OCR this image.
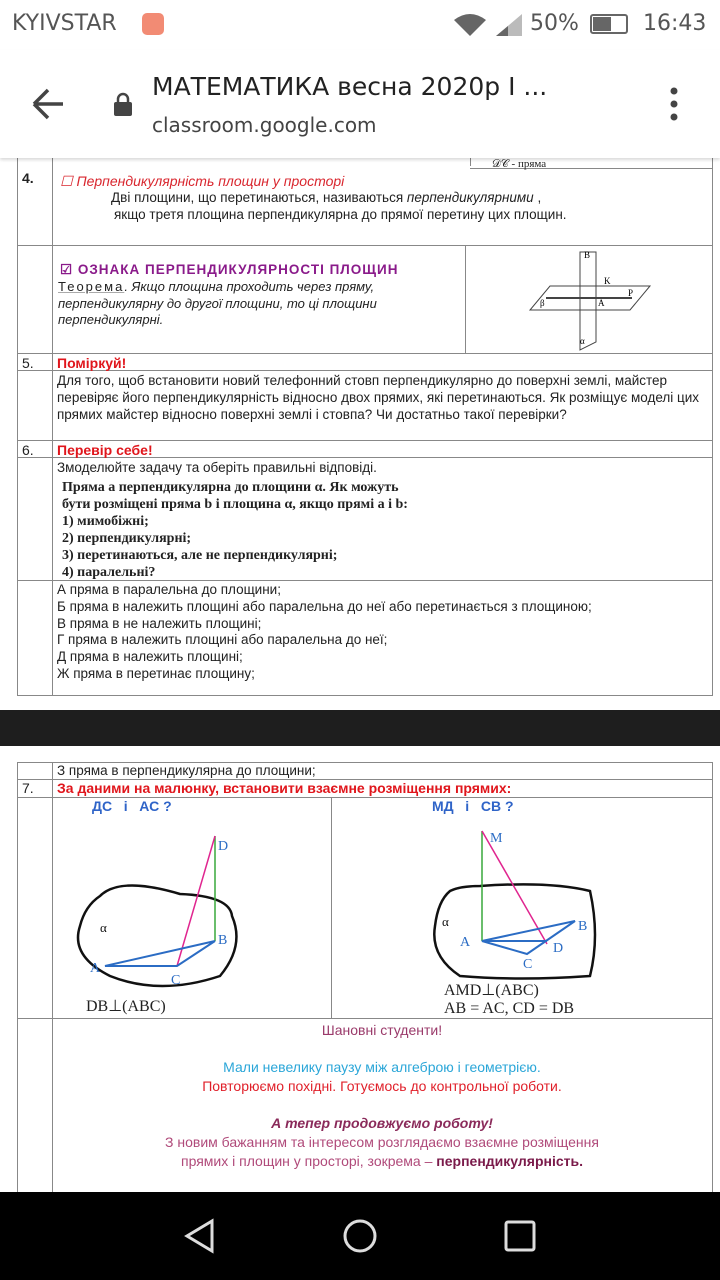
KYIVSTAR	50%	16:43
МАТЕМАТИКА весна 2020р І ...
classroom.google.com
𝒟𝒞 - пряма
4. ☐ Перпендикулярність площин у просторі
Дві площини, що перетинаються, називаються перпендикулярними ,
якщо третя площина перпендикулярна до прямої перетину цих площин.
☑ ОЗНАКА ПЕРПЕНДИКУЛЯРНОСТІ ПЛОЩИН
Теорема. Якщо площина проходить через пряму, перпендикулярну до другої площини, то ці площини перпендикулярні.
B
K
P
A
β
α
5. Поміркуй!
Для того, щоб встановити новий телефонний стовп перпендикулярно до поверхні землі, майстер перевіряє його перпендикулярність відносно двох прямих, які перетинаються. Як розміщує моделі цих прямих майстер відносно поверхні землі і стовпа? Чи достатньо такої перевірки?
6. Перевір себе!
Змоделюйте задачу та оберіть правильні відповіді.
Пряма a перпендикулярна до площини α. Як можуть
бути розміщені пряма b і площина α, якщо прямі a і b:
1) мимобіжні;
2) перпендикулярні;
3) перетинаються, але не перпендикулярні;
4) паралельні?
А пряма в паралельна до площини;
Б пряма в належить площині або паралельна до неї або перетинається з площиною;
В пряма в не належить площині;
Г пряма в належить площині або паралельна до неї;
Д пряма в належить площині;
Ж пряма в перетинає площину;
З пряма в перпендикулярна до площини;
7. За даними на малюнку, встановити взаємне розміщення прямих:
ДС   і   АС ?	МД   і   СВ ?
D
B
A
C
α
DB⊥(ABC)
M
A
B
D
C
α
AMD⊥(ABC)
AB = AC, CD = DB
Шановні студенти!
Мали невелику паузу між алгеброю і геометрією.
Повторюємо похідні. Готуємось до контрольної роботи.
А тепер продовжуємо роботу!
З новим бажанням та інтересом розглядаємо взаємне розміщення
прямих і площин у просторі, зокрема – перпендикулярність.
